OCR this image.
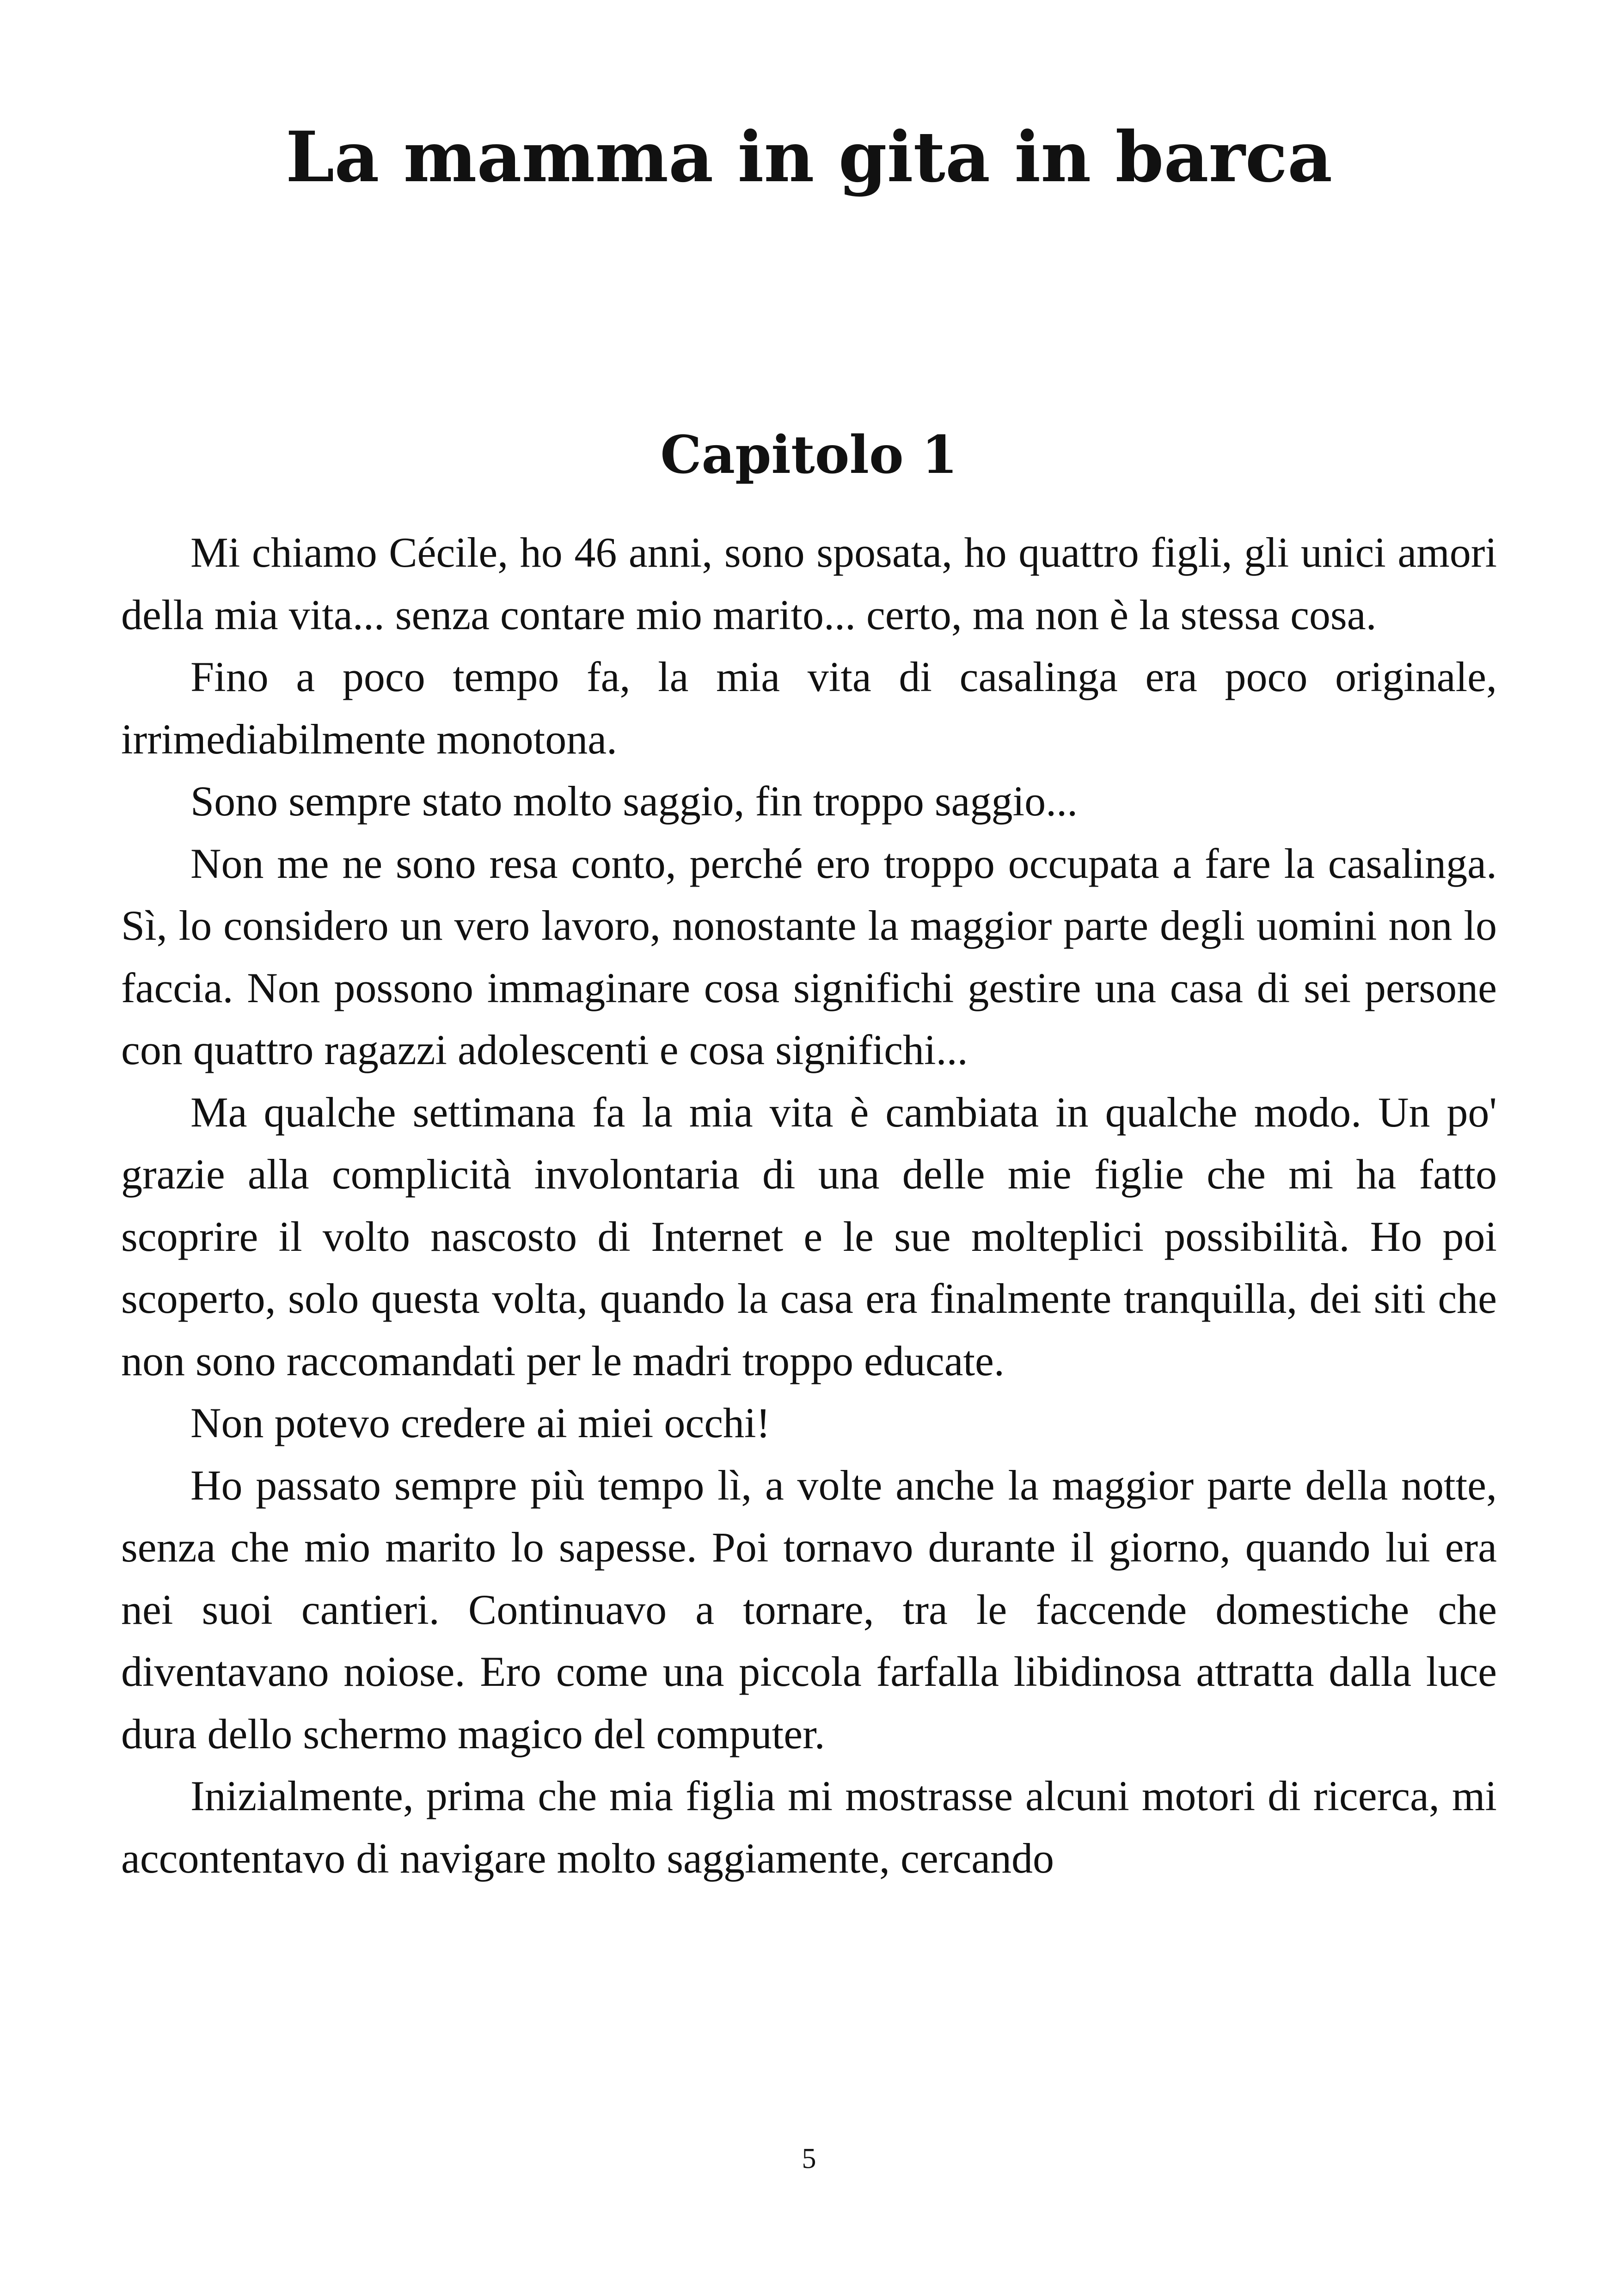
La mamma in gita in barca
Capitolo 1

Mi chiamo Cécile, ho 46 anni, sono sposata, ho quattro figli, gli unici amori della mia vita... senza contare mio marito... certo, ma non è la stessa cosa.

Fino a poco tempo fa, la mia vita di casalinga era poco originale, irrimediabilmente monotona.

Sono sempre stato molto saggio, fin troppo saggio...

Non me ne sono resa conto, perché ero troppo occupata a fare la casalinga. Sì, lo considero un vero lavoro, nonostante la maggior parte degli uomini non lo faccia. Non possono immaginare cosa significhi gestire una casa di sei persone con quattro ragazzi adolescenti e cosa significhi...

Ma qualche settimana fa la mia vita è cambiata in qualche modo. Un po' grazie alla complicità involontaria di una delle mie figlie che mi ha fatto scoprire il volto nascosto di Internet e le sue molteplici possibilità. Ho poi scoperto, solo questa volta, quando la casa era finalmente tranquilla, dei siti che non sono raccomandati per le madri troppo educate.

Non potevo credere ai miei occhi!

Ho passato sempre più tempo lì, a volte anche la maggior parte della notte, senza che mio marito lo sapesse. Poi tornavo durante il giorno, quando lui era nei suoi cantieri. Continuavo a tornare, tra le faccende domestiche che diventavano noiose. Ero come una piccola farfalla libidinosa attratta dalla luce dura dello schermo magico del computer.

Inizialmente, prima che mia figlia mi mostrasse alcuni motori di ricerca, mi accontentavo di navigare molto saggiamente, cercando

5
